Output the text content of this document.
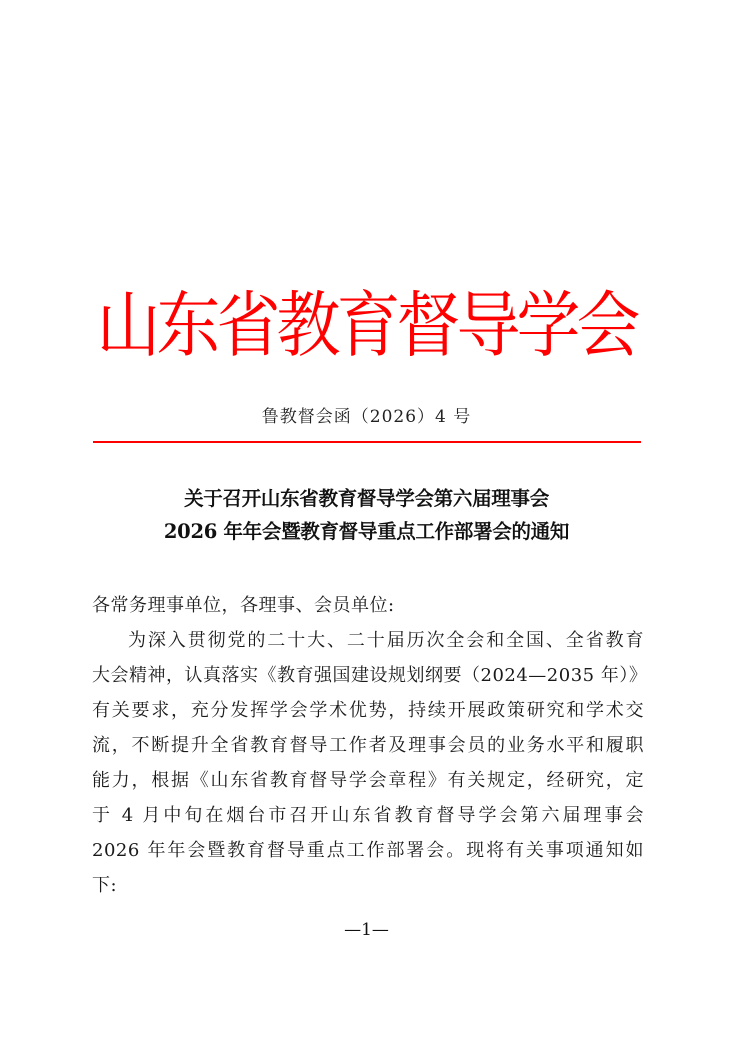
山东省教育督导学会
鲁教督会函（2026）4 号
关于召开山东省教育督导学会第六届理事会
2026 年年会暨教育督导重点工作部署会的通知
各常务理事单位，各理事、会员单位:
为深入贯彻党的二十大、二十届历次全会和全国、全省教育
大会精神，认真落实《教育强国建设规划纲要（2024—2035 年）》
有关要求，充分发挥学会学术优势，持续开展政策研究和学术交
流，不断提升全省教育督导工作者及理事会员的业务水平和履职
能力，根据《山东省教育督导学会章程》有关规定，经研究，定
于 4 月中旬在烟台市召开山东省教育督导学会第六届理事会
2026 年年会暨教育督导重点工作部署会。现将有关事项通知如
下:
—1—
